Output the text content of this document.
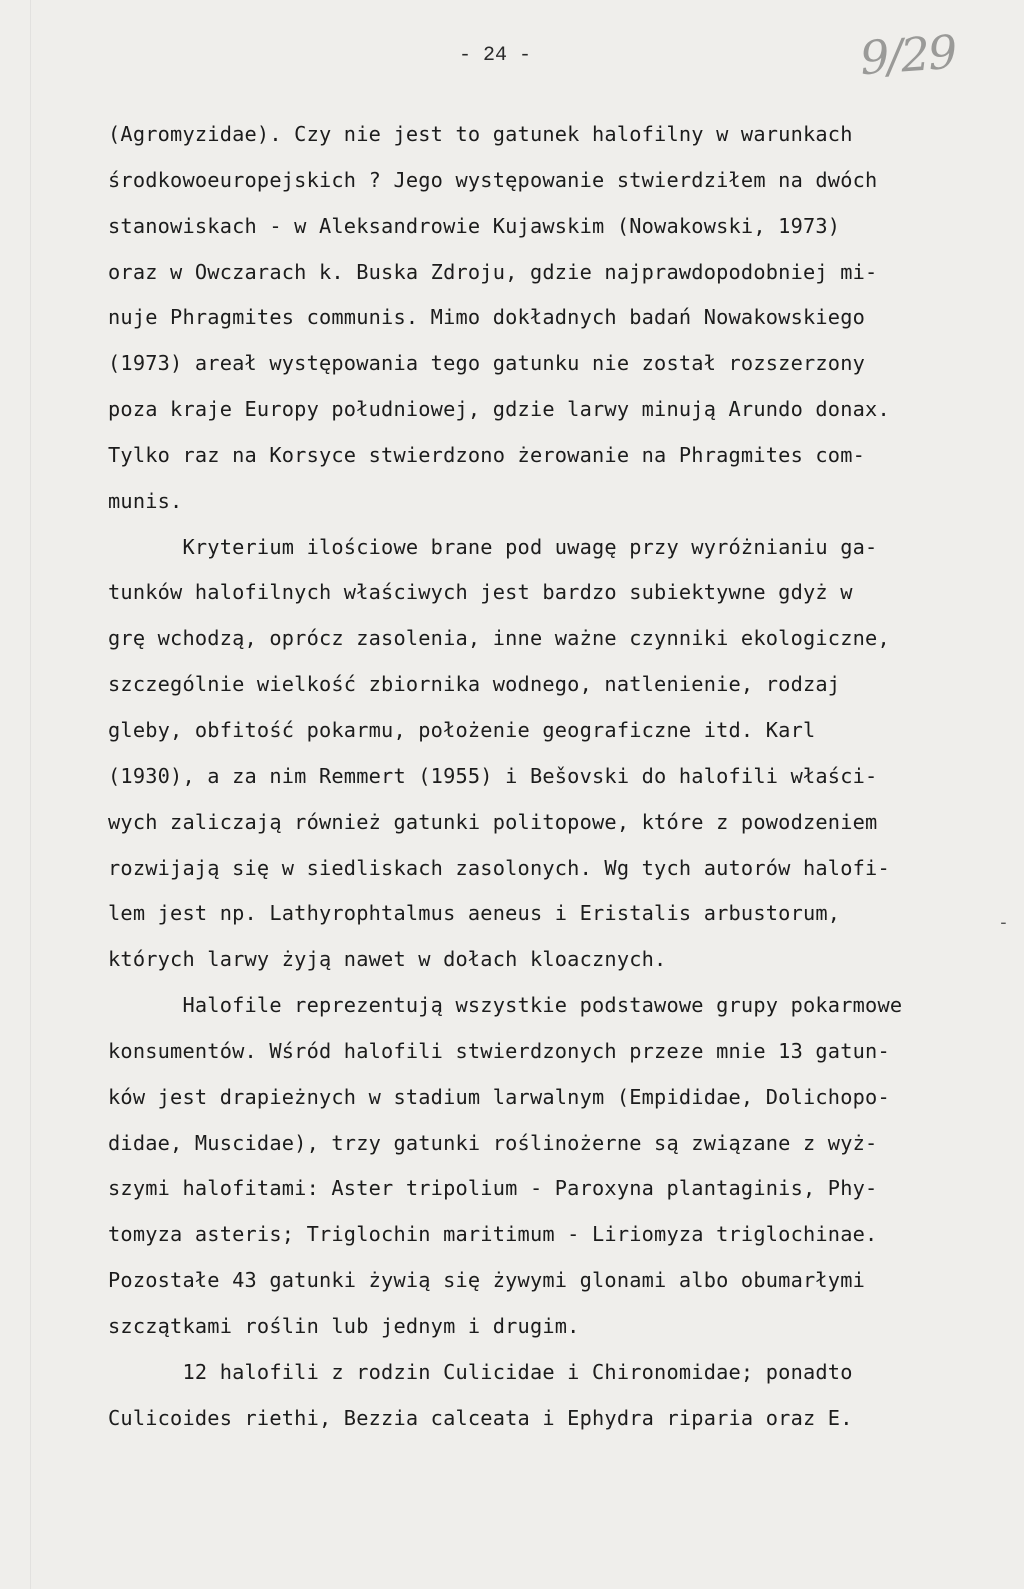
- 24 -	9/29
-
(Agromyzidae). Czy nie jest to gatunek halofilny w warunkach
środkowoeuropejskich ? Jego występowanie stwierdziłem na dwóch
stanowiskach - w Aleksandrowie Kujawskim (Nowakowski, 1973)
oraz w Owczarach k. Buska Zdroju, gdzie najprawdopodobniej mi-
nuje Phragmites communis. Mimo dokładnych badań Nowakowskiego
(1973) areał występowania tego gatunku nie został rozszerzony
poza kraje Europy południowej, gdzie larwy minują Arundo donax.
Tylko raz na Korsyce stwierdzono żerowanie na Phragmites com-
munis.
Kryterium ilościowe brane pod uwagę przy wyróżnianiu ga-
tunków halofilnych właściwych jest bardzo subiektywne gdyż w
grę wchodzą, oprócz zasolenia, inne ważne czynniki ekologiczne,
szczególnie wielkość zbiornika wodnego, natlenienie, rodzaj
gleby, obfitość pokarmu, położenie geograficzne itd. Karl
(1930), a za nim Remmert (1955) i Bešovski do halofili właści-
wych zaliczają również gatunki politopowe, które z powodzeniem
rozwijają się w siedliskach zasolonych. Wg tych autorów halofi-
lem jest np. Lathyrophtalmus aeneus i Eristalis arbustorum,
których larwy żyją nawet w dołach kloacznych.
Halofile reprezentują wszystkie podstawowe grupy pokarmowe
konsumentów. Wśród halofili stwierdzonych przeze mnie 13 gatun-
ków jest drapieżnych w stadium larwalnym (Empididae, Dolichopo-
didae, Muscidae), trzy gatunki roślinożerne są związane z wyż-
szymi halofitami: Aster tripolium - Paroxyna plantaginis, Phy-
tomyza asteris; Triglochin maritimum - Liriomyza triglochinae.
Pozostałe 43 gatunki żywią się żywymi glonami albo obumarłymi
szczątkami roślin lub jednym i drugim.
12 halofili z rodzin Culicidae i Chironomidae; ponadto
Culicoides riethi, Bezzia calceata i Ephydra riparia oraz E.
